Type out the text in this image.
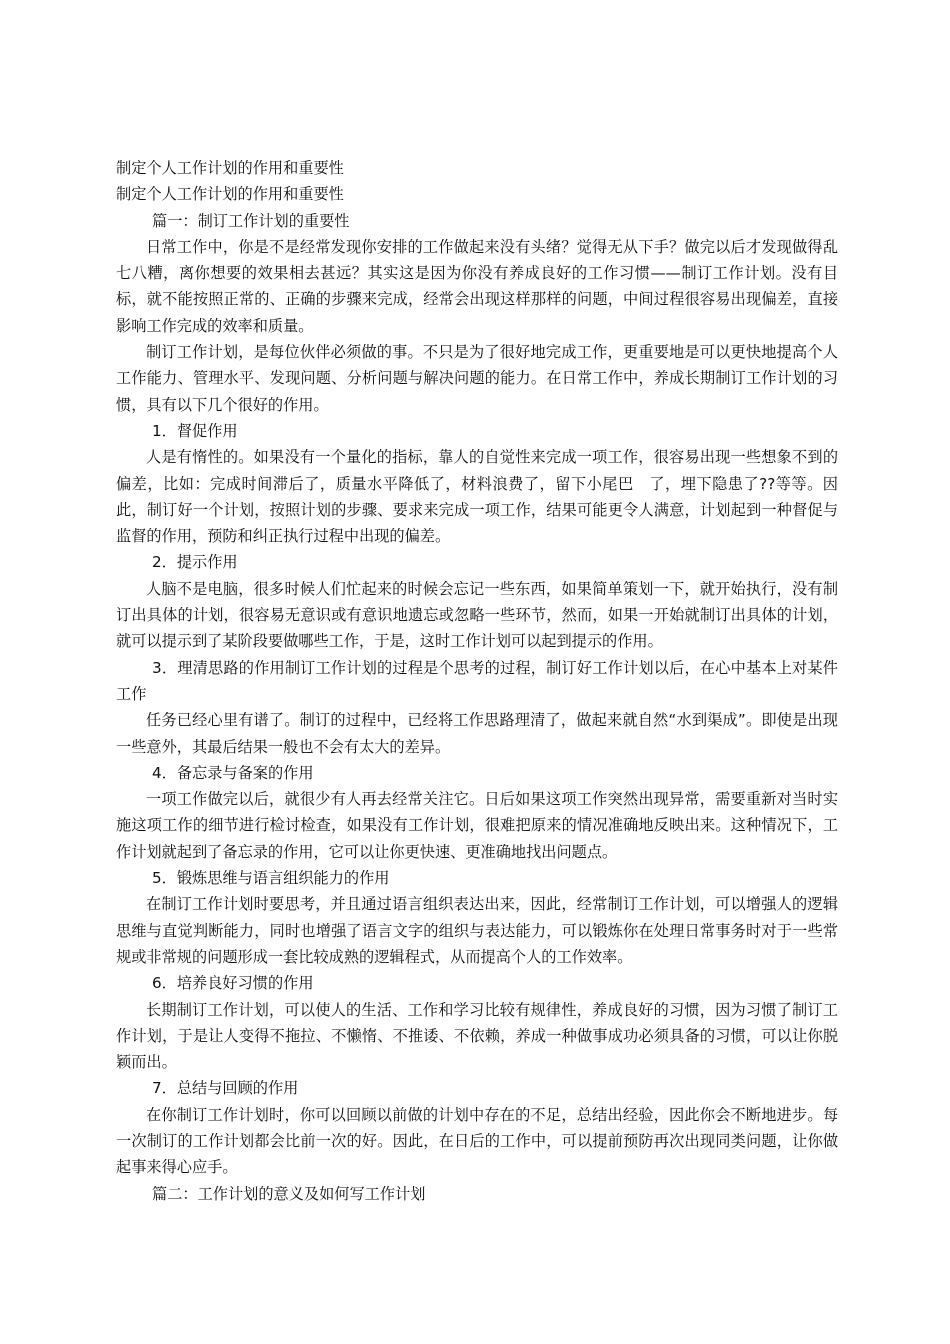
制定个人工作计划的作用和重要性

制定个人工作计划的作用和重要性

篇一：制订工作计划的重要性

日常工作中，你是不是经常发现你安排的工作做起来没有头绪？觉得无从下手？做完以后才发现做得乱七八糟，离你想要的效果相去甚远？其实这是因为你没有养成良好的工作习惯——制订工作计划。没有目标，就不能按照正常的、正确的步骤来完成，经常会出现这样那样的问题，中间过程很容易出现偏差，直接影响工作完成的效率和质量。

制订工作计划，是每位伙伴必须做的事。不只是为了很好地完成工作，更重要地是可以更快地提高个人工作能力、管理水平、发现问题、分析问题与解决问题的能力。在日常工作中，养成长期制订工作计划的习惯，具有以下几个很好的作用。

1．督促作用

人是有惰性的。如果没有一个量化的指标，靠人的自觉性来完成一项工作，很容易出现一些想象不到的偏差，比如：完成时间滞后了，质量水平降低了，材料浪费了，留下小尾巴　了，埋下隐患了??等等。因此，制订好一个计划，按照计划的步骤、要求来完成一项工作，结果可能更令人满意，计划起到一种督促与监督的作用，预防和纠正执行过程中出现的偏差。

2．提示作用

人脑不是电脑，很多时候人们忙起来的时候会忘记一些东西，如果简单策划一下，就开始执行，没有制订出具体的计划，很容易无意识或有意识地遗忘或忽略一些环节，然而，如果一开始就制订出具体的计划，就可以提示到了某阶段要做哪些工作，于是，这时工作计划可以起到提示的作用。

3．理清思路的作用制订工作计划的过程是个思考的过程，制订好工作计划以后，在心中基本上对某件工作

任务已经心里有谱了。制订的过程中，已经将工作思路理清了，做起来就自然“水到渠成”。即使是出现一些意外，其最后结果一般也不会有太大的差异。

4．备忘录与备案的作用

一项工作做完以后，就很少有人再去经常关注它。日后如果这项工作突然出现异常，需要重新对当时实施这项工作的细节进行检讨检查，如果没有工作计划，很难把原来的情况准确地反映出来。这种情况下，工作计划就起到了备忘录的作用，它可以让你更快速、更准确地找出问题点。

5．锻炼思维与语言组织能力的作用

在制订工作计划时要思考，并且通过语言组织表达出来，因此，经常制订工作计划，可以增强人的逻辑思维与直觉判断能力，同时也增强了语言文字的组织与表达能力，可以锻炼你在处理日常事务时对于一些常规或非常规的问题形成一套比较成熟的逻辑程式，从而提高个人的工作效率。

6．培养良好习惯的作用

长期制订工作计划，可以使人的生活、工作和学习比较有规律性，养成良好的习惯，因为习惯了制订工作计划，于是让人变得不拖拉、不懒惰、不推诿、不依赖，养成一种做事成功必须具备的习惯，可以让你脱颖而出。

7．总结与回顾的作用

在你制订工作计划时，你可以回顾以前做的计划中存在的不足，总结出经验，因此你会不断地进步。每一次制订的工作计划都会比前一次的好。因此，在日后的工作中，可以提前预防再次出现同类问题，让你做起事来得心应手。

篇二：工作计划的意义及如何写工作计划
